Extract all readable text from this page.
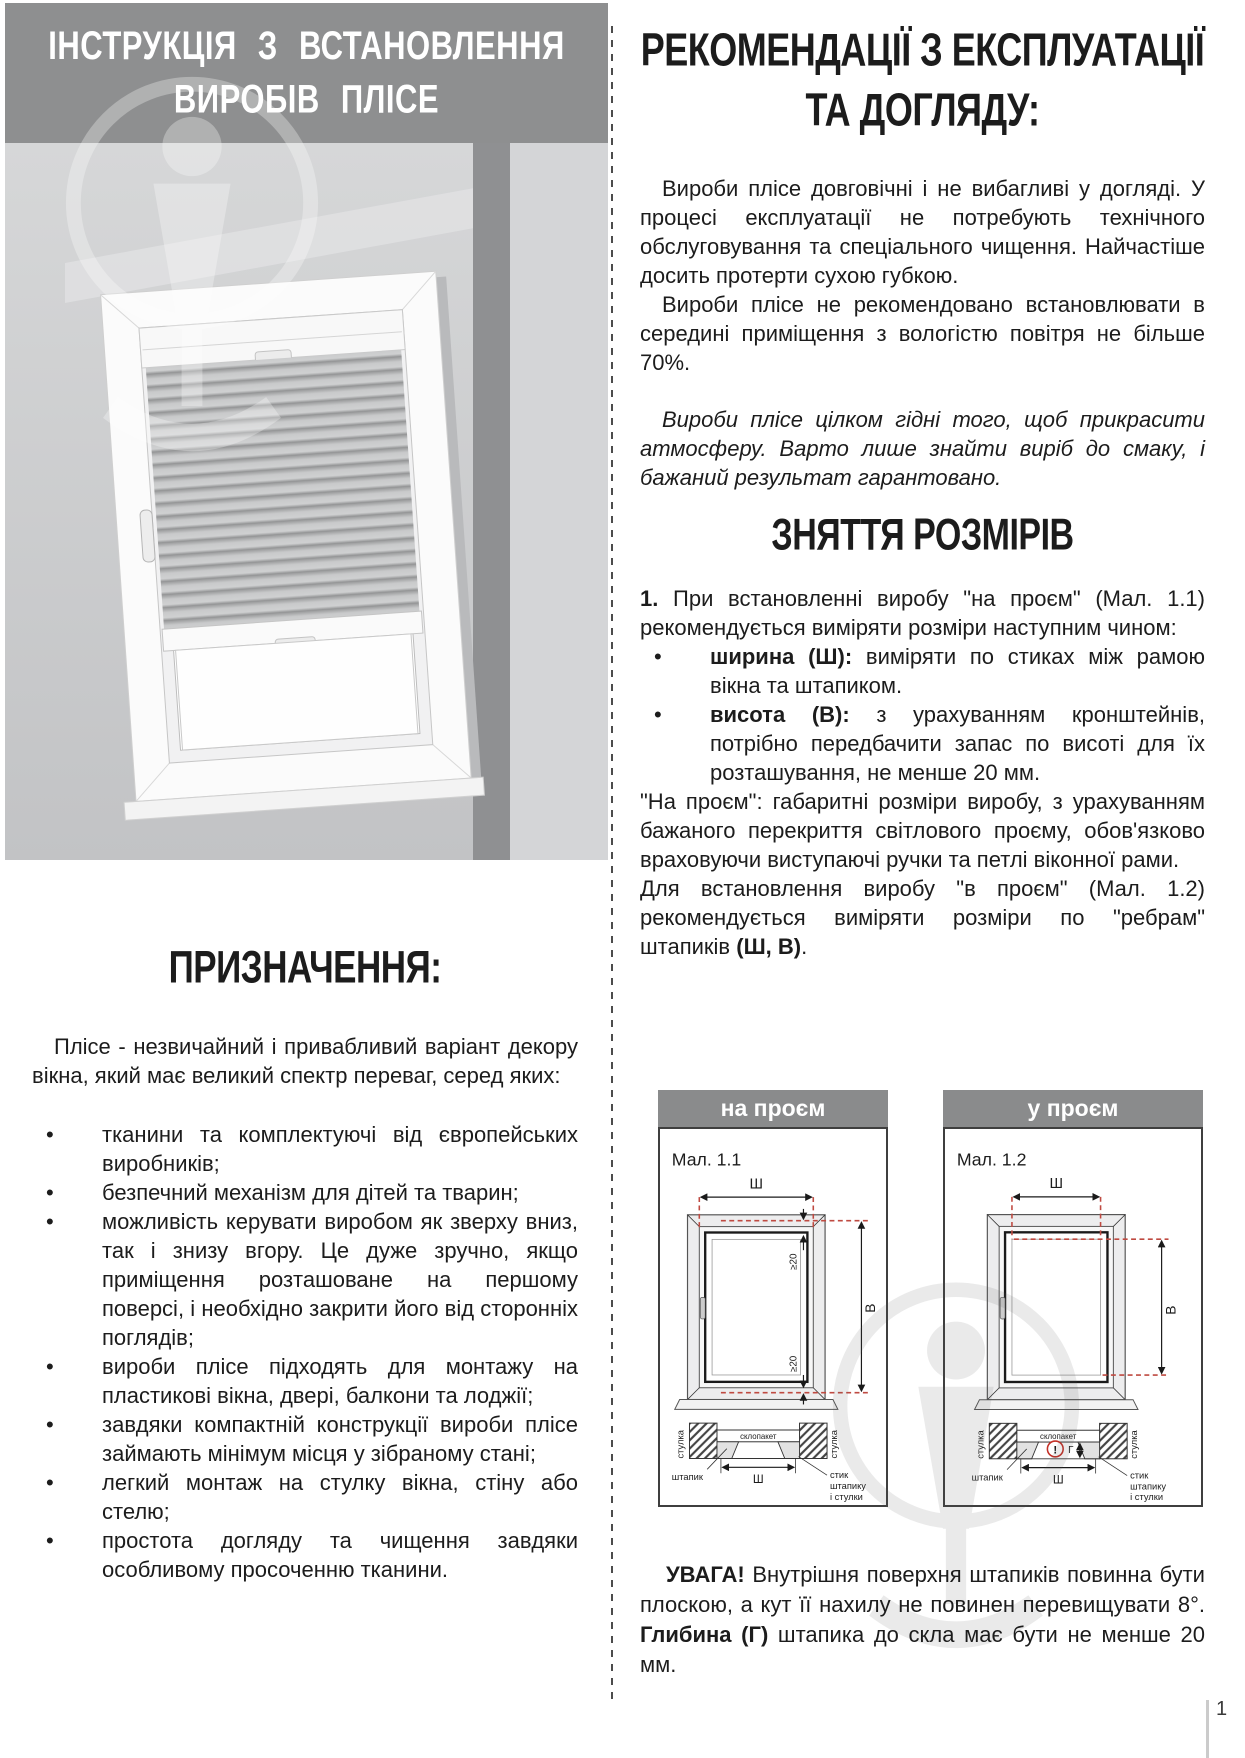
ІНСТРУКЦІЯ З ВСТАНОВЛЕННЯ
ВИРОБІВ ПЛІСЕ
ПРИЗНАЧЕННЯ:

Плісе - незвичайний і привабливий варіант декору вікна, який має великий спектр переваг, серед яких:

•	тканини та комплектуючі від європейських виробників;
•	безпечний механізм для дітей та тварин;
•	можливість керувати виробом як зверху вниз, так і знизу вгору. Це дуже зручно, якщо приміщення розташоване на першому поверсі, і необхідно закрити його від сторонніх поглядів;
•	вироби плісе підходять для монтажу на пластикові вікна, двері, балкони та лоджії;
•	завдяки компактній конструкції вироби плісе займають мінімум місця у зібраному стані;
•	легкий монтаж на стулку вікна, стіну або стелю;
•	простота догляду та чищення завдяки особливому просоченню тканини.
РЕКОМЕНДАЦІЇ З ЕКСПЛУАТАЦІЇ
ТА ДОГЛЯДУ:

Вироби плісе довговічні і не вибагливі у догляді. У процесі експлуатації не потребують технічного обслуговування та спеціального чищення. Найчастіше досить протерти сухою губкою.

Вироби плісе не рекомендовано встановлювати в середині приміщення з вологістю повітря не більше 70%.

Вироби плісе цілком гідні того, щоб прикрасити атмосферу. Варто лише знайти виріб до смаку, і бажаний результат гарантовано.

ЗНЯТТЯ РОЗМІРІВ

1. При встановленні виробу "на проєм" (Мал. 1.1) рекомендується виміряти розміри наступним чином:

•	ширина (Ш): виміряти по стиках між рамою вікна та штапиком.
•	висота (В): з урахуванням кронштейнів, потрібно передбачити запас по висоті для їх розташування, не менше 20 мм.

"На проєм": габаритні розміри виробу, з урахуванням бажаного перекриття світлового проєму, обов'язково враховуючи виступаючі ручки та петлі віконної рами.

Для встановлення виробу "в проєм" (Мал. 1.2) рекомендується виміряти розміри по "ребрам" штапиків (Ш, В).

на проєм
Мал. 1.1
Ш
В
≥20
≥20
склопакет
Ш
штапик	стик
штапику
і стулки
стулка	стулка
у проєм
Мал. 1.2
Ш
В
склопакет
Ш
штапик	стик
штапику
і стулки
стулка	стулка
! Г

УВАГА! Внутрішня поверхня штапиків повинна бути плоскою, а кут її нахилу не повинен перевищувати 8°. Глибина (Г) штапика до скла має бути не менше 20 мм.

1
